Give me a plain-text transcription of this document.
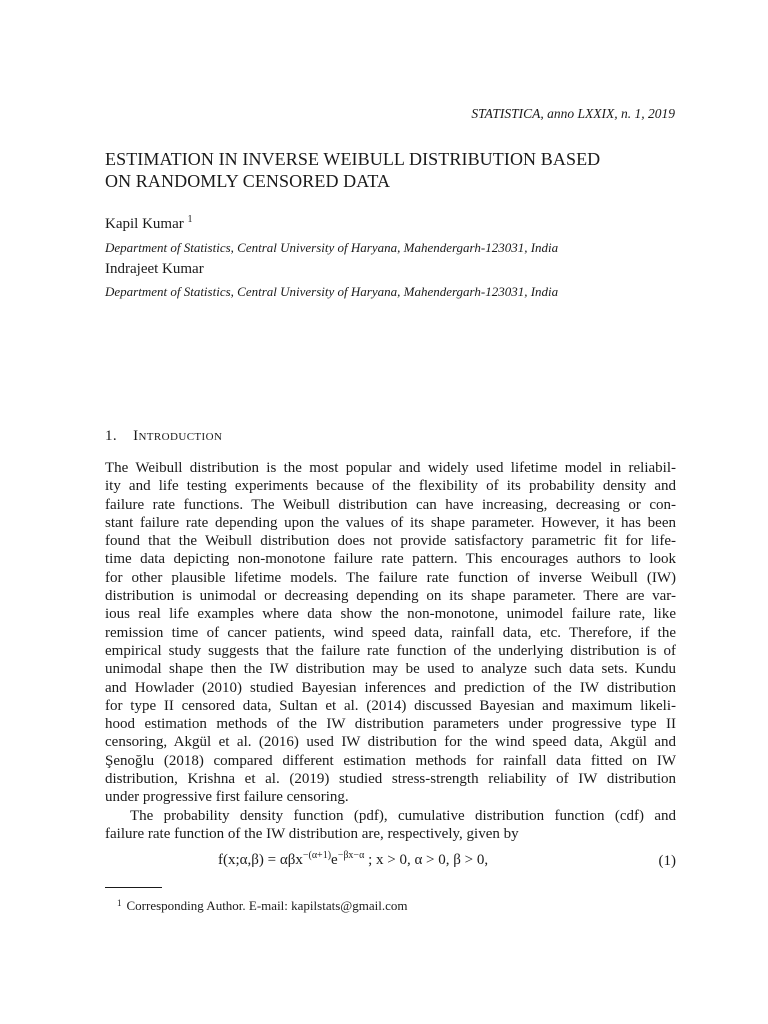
STATISTICA, anno LXXIX, n. 1, 2019
ESTIMATION IN INVERSE WEIBULL DISTRIBUTION BASED
ON RANDOMLY CENSORED DATA
Kapil Kumar $^1$
Department of Statistics, Central University of Haryana, Mahendergarh-123031, India
Indrajeet Kumar
Department of Statistics, Central University of Haryana, Mahendergarh-123031, India
1. Introduction
The Weibull distribution is the most popular and widely used lifetime model in reliabil-
ity and life testing experiments because of the flexibility of its probability density and
failure rate functions. The Weibull distribution can have increasing, decreasing or con-
stant failure rate depending upon the values of its shape parameter. However, it has been
found that the Weibull distribution does not provide satisfactory parametric fit for life-
time data depicting non-monotone failure rate pattern. This encourages authors to look
for other plausible lifetime models. The failure rate function of inverse Weibull (IW)
distribution is unimodal or decreasing depending on its shape parameter. There are var-
ious real life examples where data show the non-monotone, unimodel failure rate, like
remission time of cancer patients, wind speed data, rainfall data, etc. Therefore, if the
empirical study suggests that the failure rate function of the underlying distribution is of
unimodal shape then the IW distribution may be used to analyze such data sets. Kundu
and Howlader (2010) studied Bayesian inferences and prediction of the IW distribution
for type II censored data, Sultan et al. (2014) discussed Bayesian and maximum likeli-
hood estimation methods of the IW distribution parameters under progressive type II
censoring, Akgül et al. (2016) used IW distribution for the wind speed data, Akgül and
Şenoğlu (2018) compared different estimation methods for rainfall data fitted on IW
distribution, Krishna et al. (2019) studied stress-strength reliability of IW distribution
under progressive first failure censoring.
The probability density function (pdf), cumulative distribution function (cdf) and
failure rate function of the IW distribution are, respectively, given by
f(x;α,β) = $\alpha\beta x^{-(\alpha+1)}e^{-\beta x-\alpha}$ ; x > 0, α > 0, β > 0,	(1)
$^1$ Corresponding Author. E-mail: kapilstats@gmail.com
